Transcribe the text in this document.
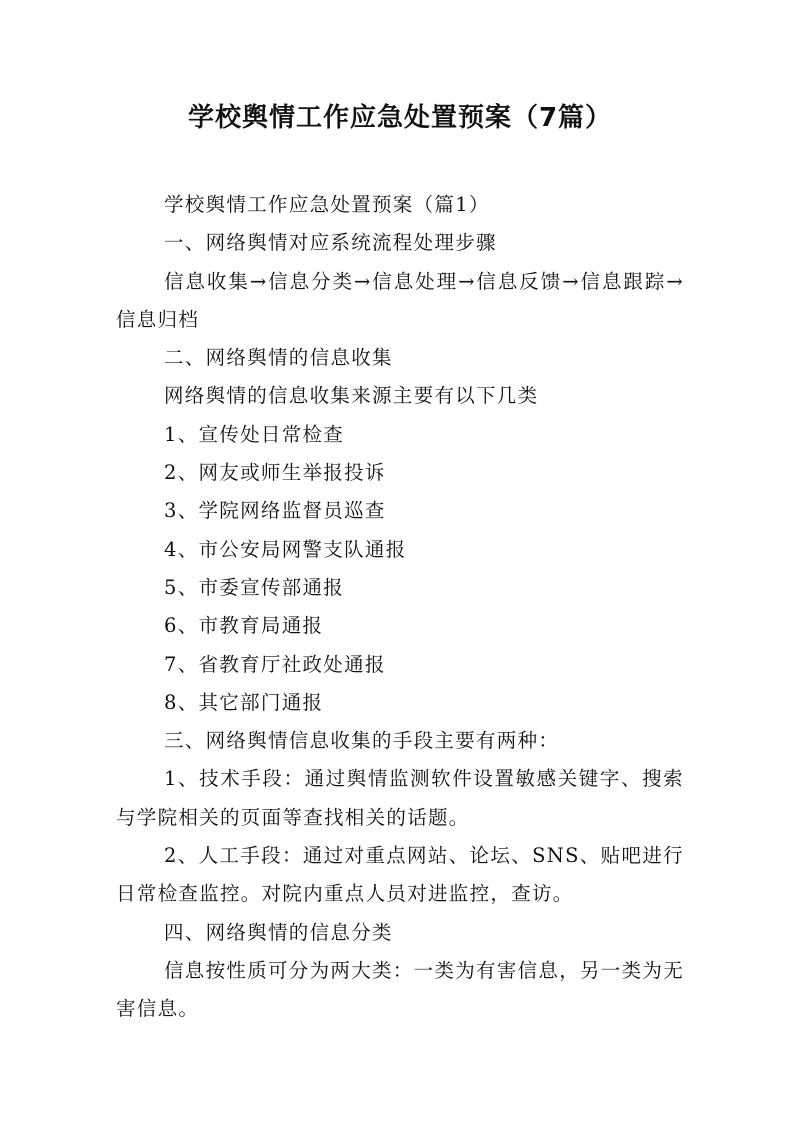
学校舆情工作应急处置预案（7篇）

学校舆情工作应急处置预案（篇1）

一、网络舆情对应系统流程处理步骤

信息收集→信息分类→信息处理→信息反馈→信息跟踪→信息归档

二、网络舆情的信息收集

网络舆情的信息收集来源主要有以下几类

1、宣传处日常检查

2、网友或师生举报投诉

3、学院网络监督员巡查

4、市公安局网警支队通报

5、市委宣传部通报

6、市教育局通报

7、省教育厅社政处通报

8、其它部门通报

三、网络舆情信息收集的手段主要有两种：

1、技术手段：通过舆情监测软件设置敏感关键字、搜索与学院相关的页面等查找相关的话题。

2、人工手段：通过对重点网站、论坛、SNS、贴吧进行日常检查监控。对院内重点人员对进监控，查访。

四、网络舆情的信息分类

信息按性质可分为两大类：一类为有害信息，另一类为无害信息。
